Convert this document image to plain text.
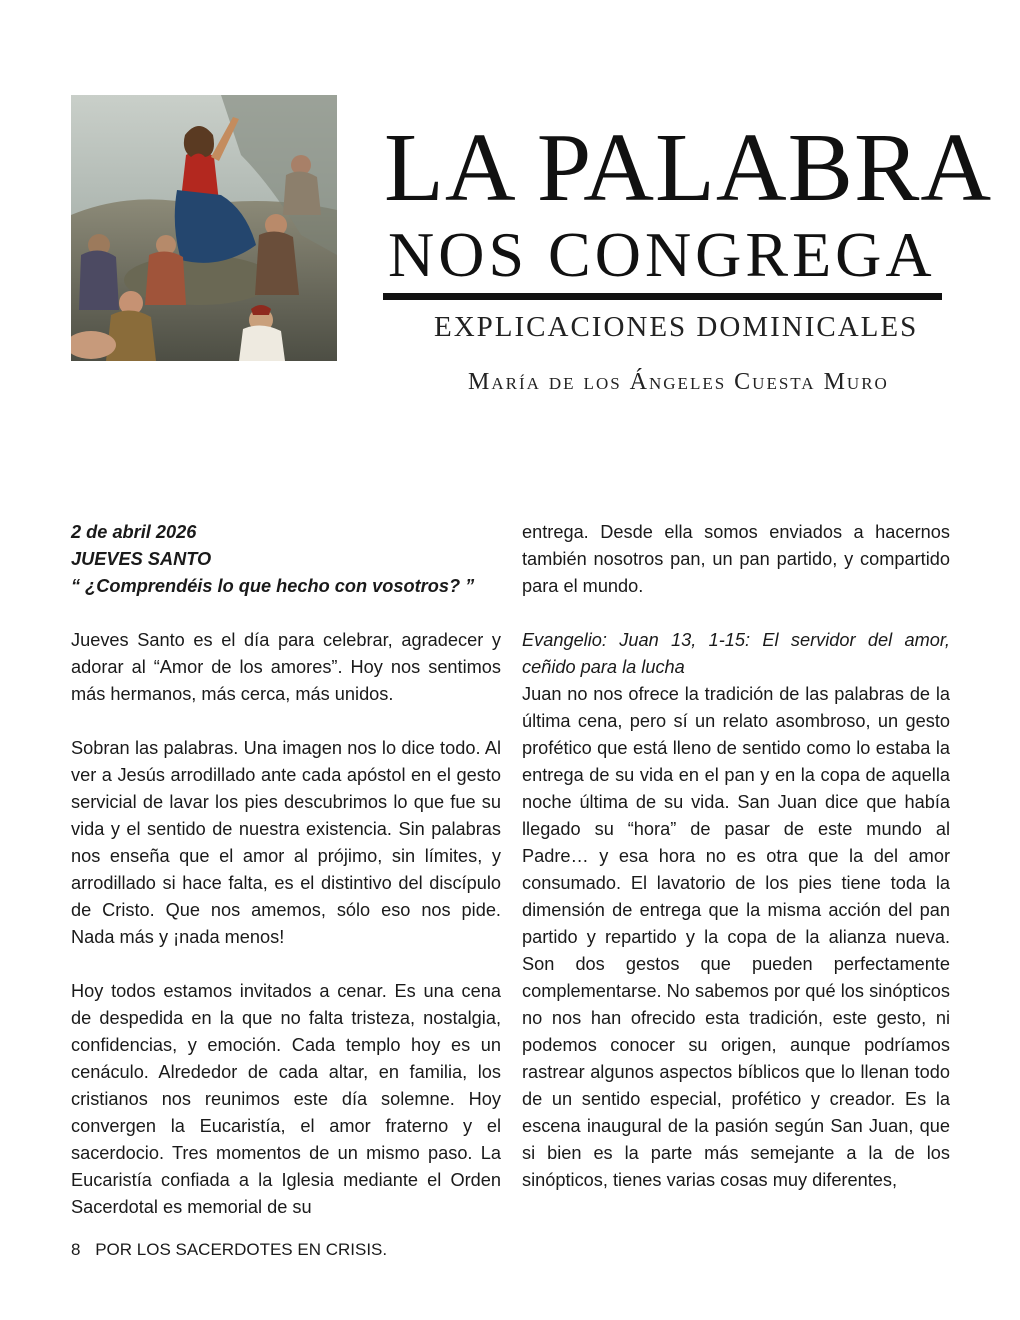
LA PALABRA
NOS CONGREGA
EXPLICACIONES DOMINICALES
María de los Ángeles Cuesta Muro
2 de abril 2026
JUEVES SANTO
“ ¿Comprendéis lo que hecho con vosotros? ”

Jueves Santo es el día para celebrar, agradecer y adorar al “Amor de los amores”. Hoy nos sentimos más hermanos, más cerca, más unidos.

Sobran las palabras. Una imagen nos lo dice todo. Al ver a Jesús arrodillado ante cada apóstol en el gesto servicial de lavar los pies descubrimos lo que fue su vida y el sentido de nuestra existencia. Sin palabras nos enseña que el amor al prójimo, sin límites, y arrodillado si hace falta, es el distintivo del discípulo de Cristo. Que nos amemos, sólo eso nos pide. Nada más y ¡nada menos!

Hoy todos estamos invitados a cenar. Es una cena de despedida en la que no falta tristeza, nostalgia, confidencias, y emoción. Cada templo hoy es un cenáculo. Alrededor de cada altar, en familia, los cristianos nos reunimos este día solemne. Hoy convergen la Eucaristía, el amor fraterno y el sacerdocio. Tres momentos de un mismo paso. La Eucaristía confiada a la Iglesia mediante el Orden Sacerdotal es memorial de su

entrega. Desde ella somos enviados a hacernos también nosotros pan, un pan partido, y compartido para el mundo.

Evangelio: Juan 13, 1-15: El servidor del amor, ceñido para la lucha
Juan no nos ofrece la tradición de las palabras de la última cena, pero sí un relato asombroso, un gesto profético que está lleno de sentido como lo estaba la entrega de su vida en el pan y en la copa de aquella noche última de su vida. San Juan dice que había llegado su “hora” de pasar de este mundo al Padre… y esa hora no es otra que la del amor consumado. El lavatorio de los pies tiene toda la dimensión de entrega que la misma acción del pan partido y repartido y la copa de la alianza nueva. Son dos gestos que pueden perfectamente complementarse. No sabemos por qué los sinópticos no nos han ofrecido esta tradición, este gesto, ni podemos conocer su origen, aunque podríamos rastrear algunos aspectos bíblicos que lo llenan todo de un sentido especial, profético y creador. Es la escena inaugural de la pasión según San Juan, que si bien es la parte más semejante a la de los sinópticos, tienes varias cosas muy diferentes,

8 POR LOS SACERDOTES EN CRISIS.
